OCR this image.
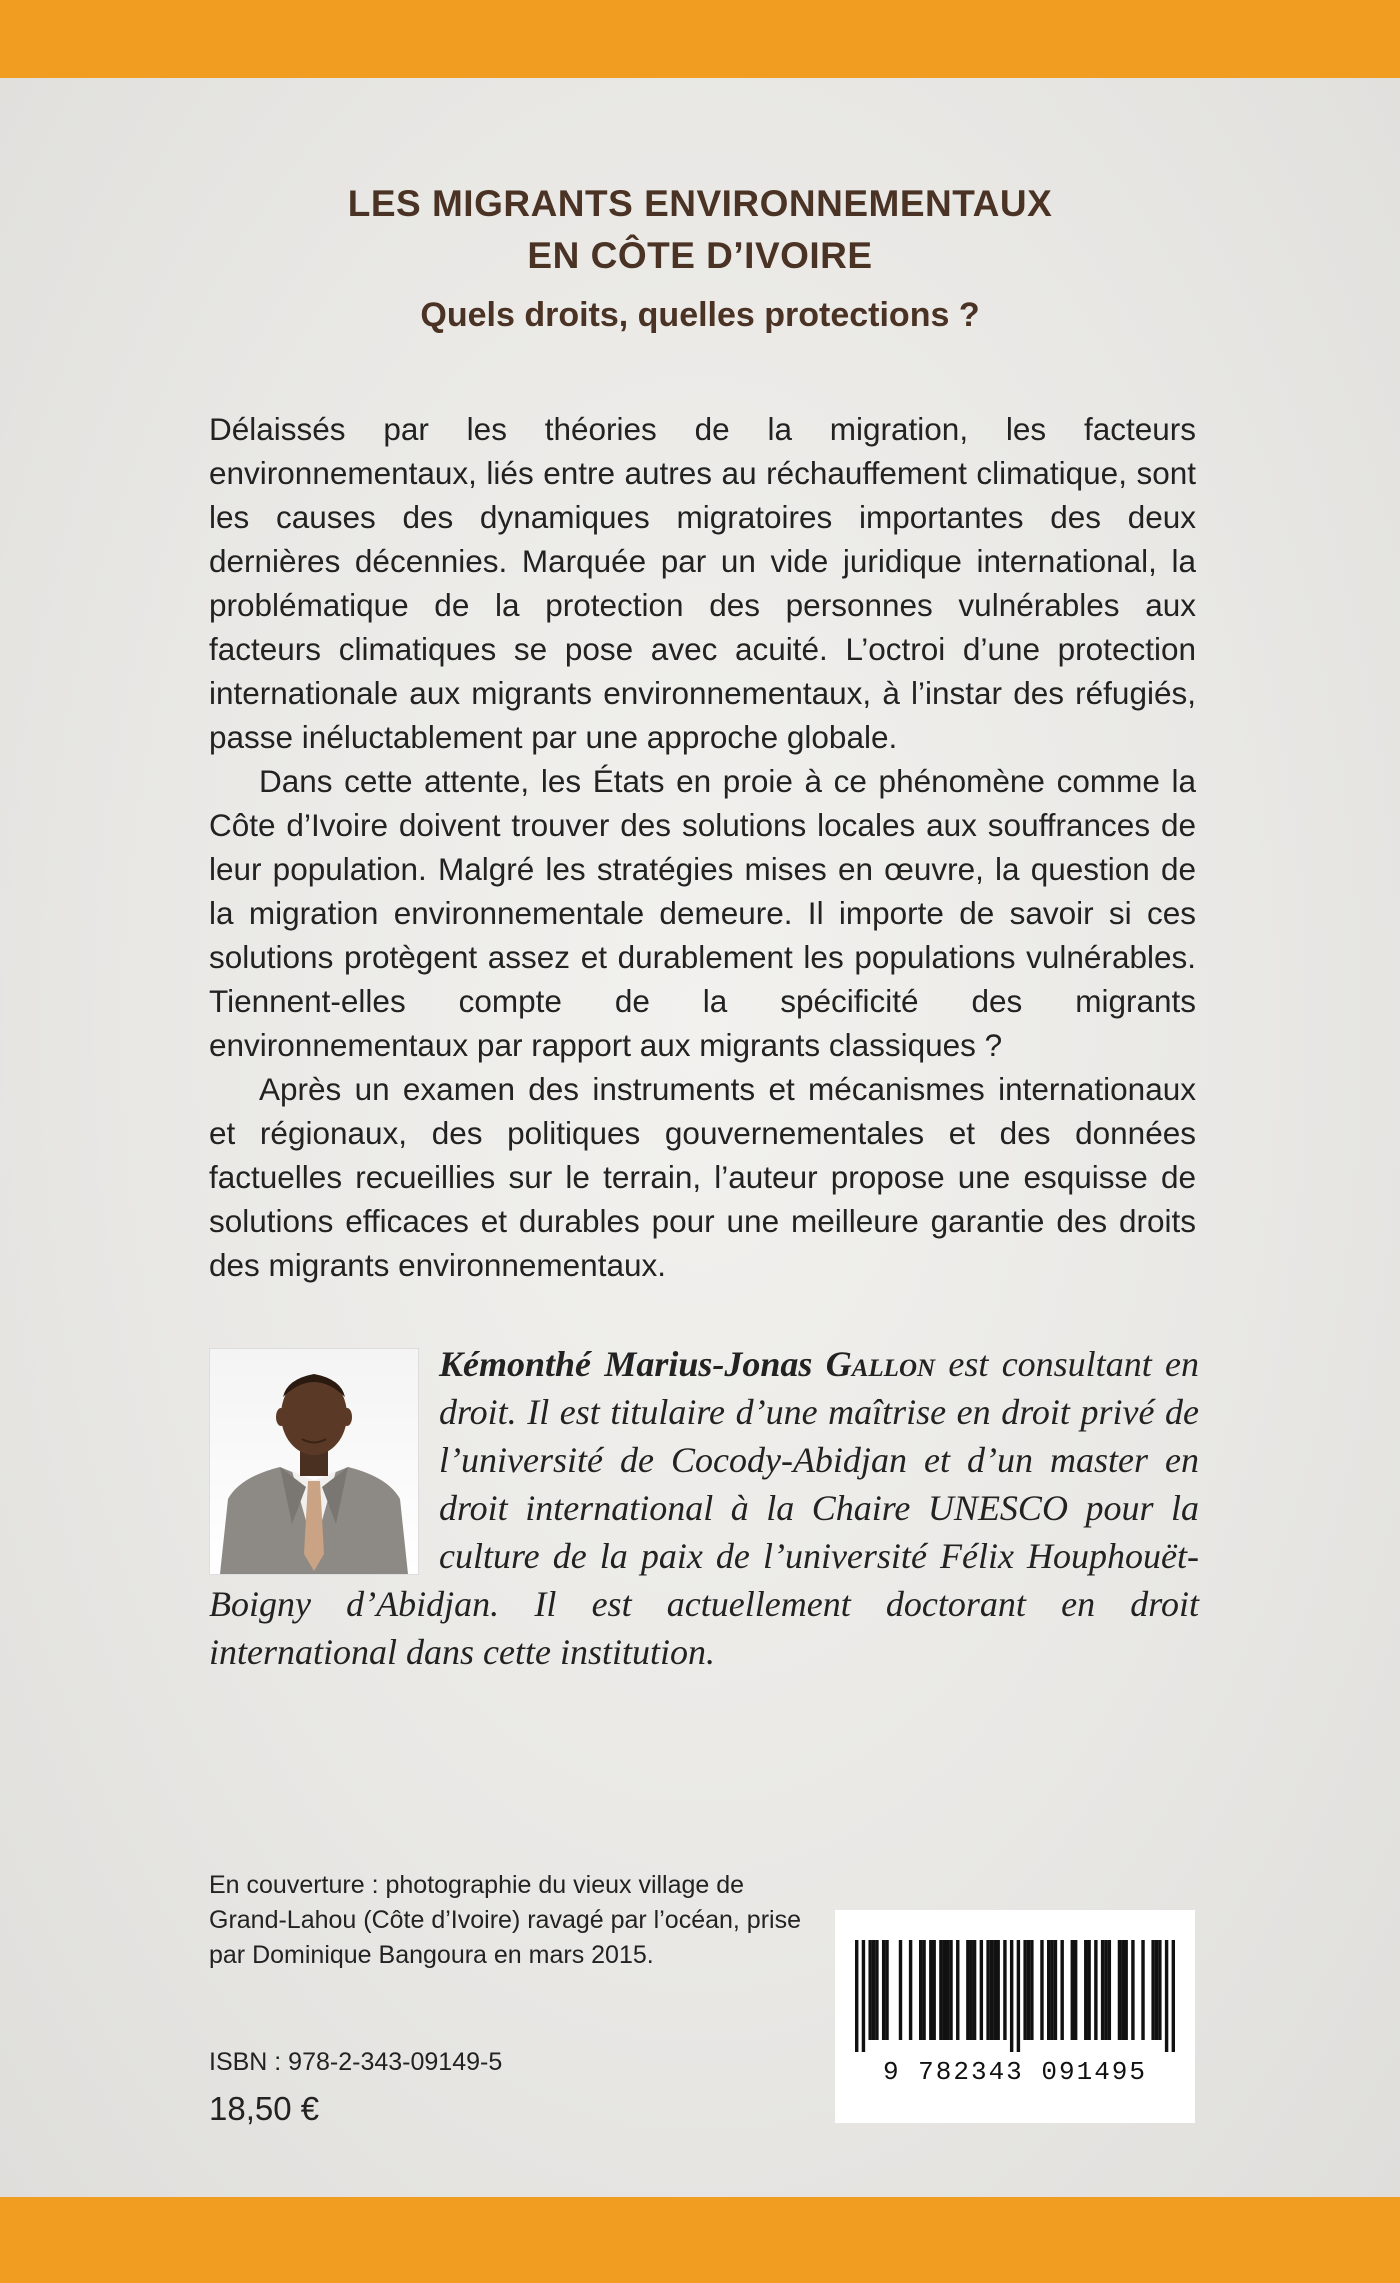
LES MIGRANTS ENVIRONNEMENTAUX
EN CÔTE D’IVOIRE
Quels droits, quelles protections ?

Délaissés par les théories de la migration, les facteurs environnementaux, liés entre autres au réchauffement climatique, sont les causes des dynamiques migratoires importantes des deux dernières décennies. Marquée par un vide juridique international, la problématique de la protection des personnes vulnérables aux facteurs climatiques se pose avec acuité. L’octroi d’une protection internationale aux migrants environnementaux, à l’instar des réfugiés, passe inéluctablement par une approche globale.

Dans cette attente, les États en proie à ce phénomène comme la Côte d’Ivoire doivent trouver des solutions locales aux souffrances de leur population. Malgré les stratégies mises en œuvre, la question de la migration environnementale demeure. Il importe de savoir si ces solutions protègent assez et durablement les populations vulnérables. Tiennent-elles compte de la spécificité des migrants environnementaux par rapport aux migrants classiques ?

Après un examen des instruments et mécanismes internationaux et régionaux, des politiques gouvernementales et des données factuelles recueillies sur le terrain, l’auteur propose une esquisse de solutions efficaces et durables pour une meilleure garantie des droits des migrants environnementaux.

Kémonthé Marius-Jonas Gallon est consultant en droit. Il est titulaire d’une maîtrise en droit privé de l’université de Cocody-Abidjan et d’un master en droit international à la Chaire UNESCO pour la culture de la paix de l’université Félix Houphouët-Boigny d’Abidjan. Il est actuellement doctorant en droit international dans cette institution.
En couverture : photographie du vieux village de Grand-Lahou (Côte d’Ivoire) ravagé par l’océan, prise par Dominique Bangoura en mars 2015.
ISBN : 978-2-343-09149-5
18,50 €
9 782343 091495
